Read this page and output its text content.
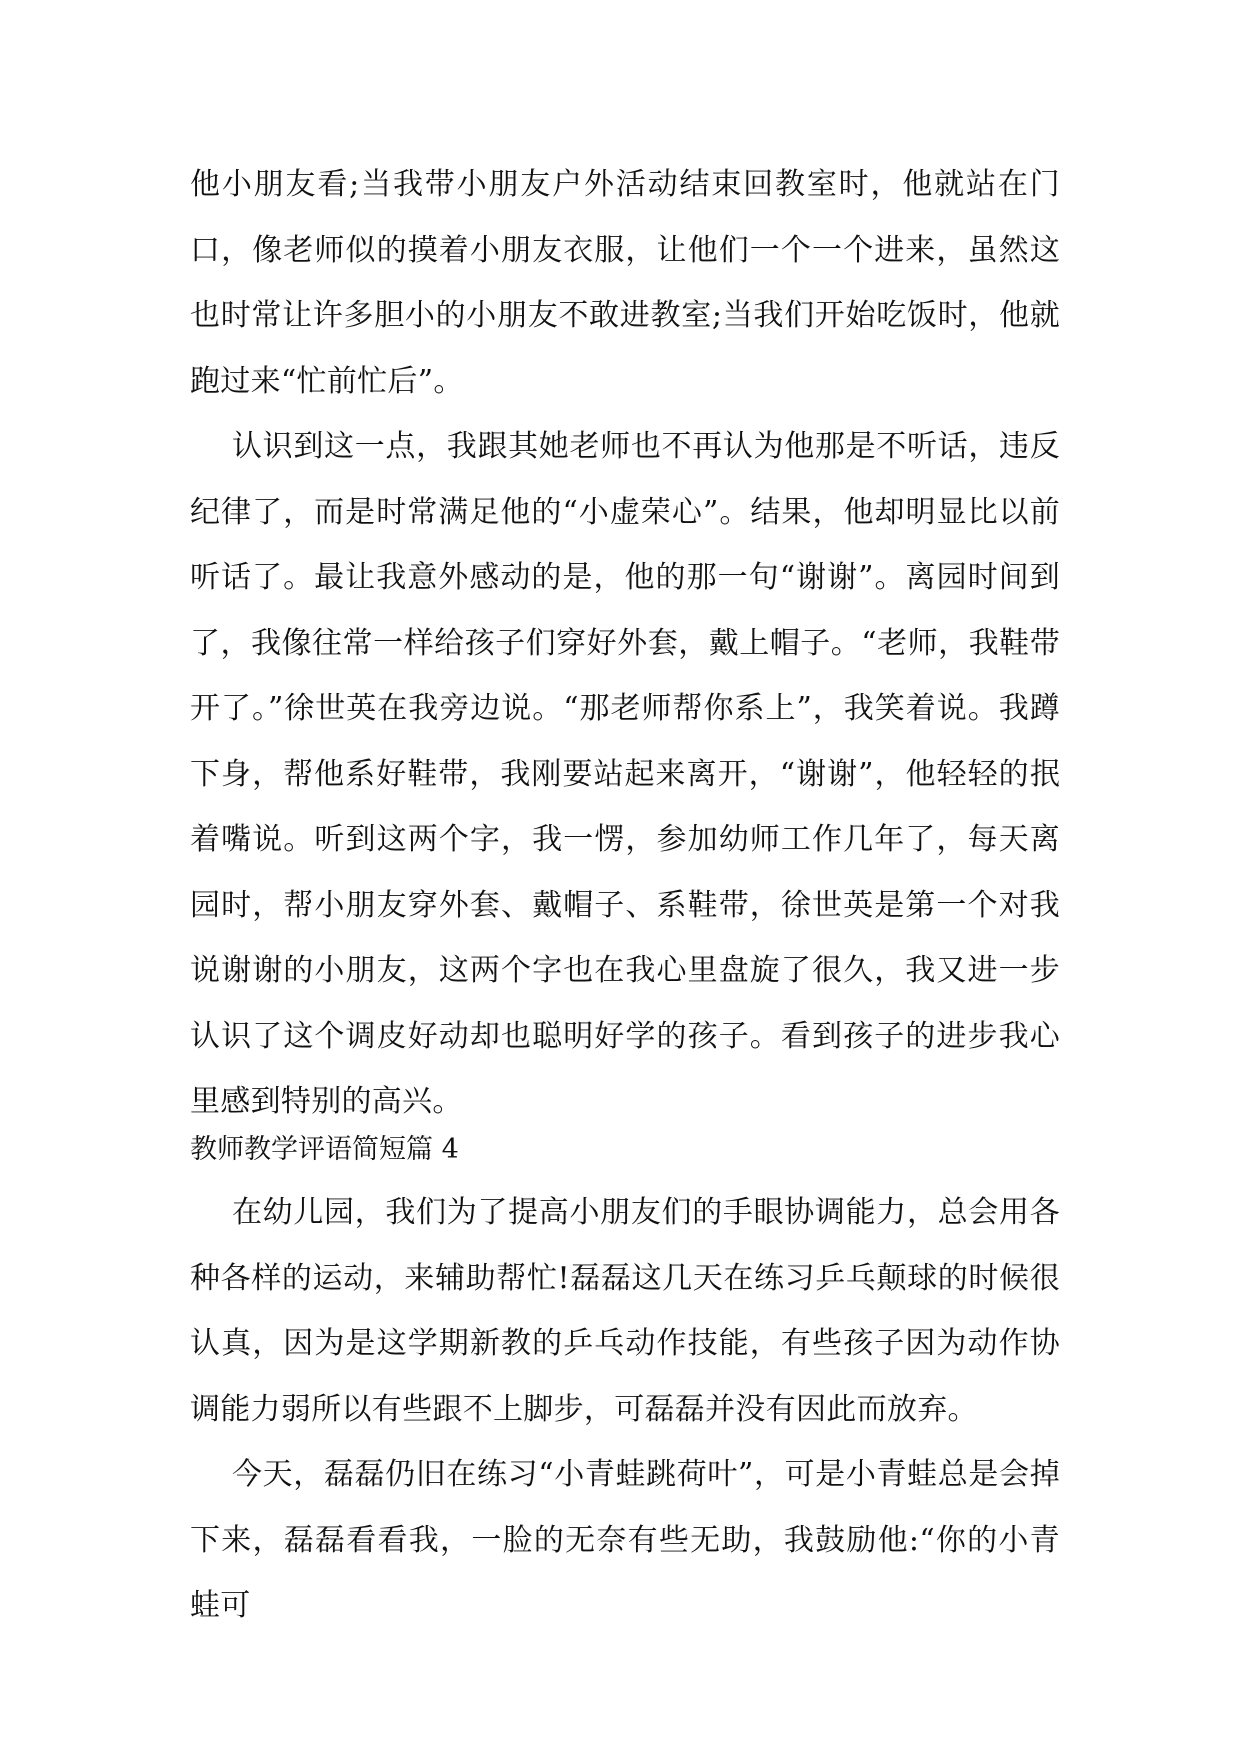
他小朋友看;当我带小朋友户外活动结束回教室时，他就站在门口，像老师似的摸着小朋友衣服，让他们一个一个进来，虽然这也时常让许多胆小的小朋友不敢进教室;当我们开始吃饭时，他就跑过来“忙前忙后”。

认识到这一点，我跟其她老师也不再认为他那是不听话，违反纪律了，而是时常满足他的“小虚荣心”。结果，他却明显比以前听话了。最让我意外感动的是，他的那一句“谢谢”。离园时间到了，我像往常一样给孩子们穿好外套，戴上帽子。“老师，我鞋带开了。”徐世英在我旁边说。“那老师帮你系上”，我笑着说。我蹲下身，帮他系好鞋带，我刚要站起来离开，“谢谢”，他轻轻的抿着嘴说。听到这两个字，我一愣，参加幼师工作几年了，每天离园时，帮小朋友穿外套、戴帽子、系鞋带，徐世英是第一个对我说谢谢的小朋友，这两个字也在我心里盘旋了很久，我又进一步认识了这个调皮好动却也聪明好学的孩子。看到孩子的进步我心里感到特别的高兴。

教师教学评语简短篇 4

在幼儿园，我们为了提高小朋友们的手眼协调能力，总会用各种各样的运动，来辅助帮忙!磊磊这几天在练习乒乓颠球的时候很认真，因为是这学期新教的乒乓动作技能，有些孩子因为动作协调能力弱所以有些跟不上脚步，可磊磊并没有因此而放弃。

今天，磊磊仍旧在练习“小青蛙跳荷叶”，可是小青蛙总是会掉下来，磊磊看看我，一脸的无奈有些无助，我鼓励他:“你的小青蛙可
